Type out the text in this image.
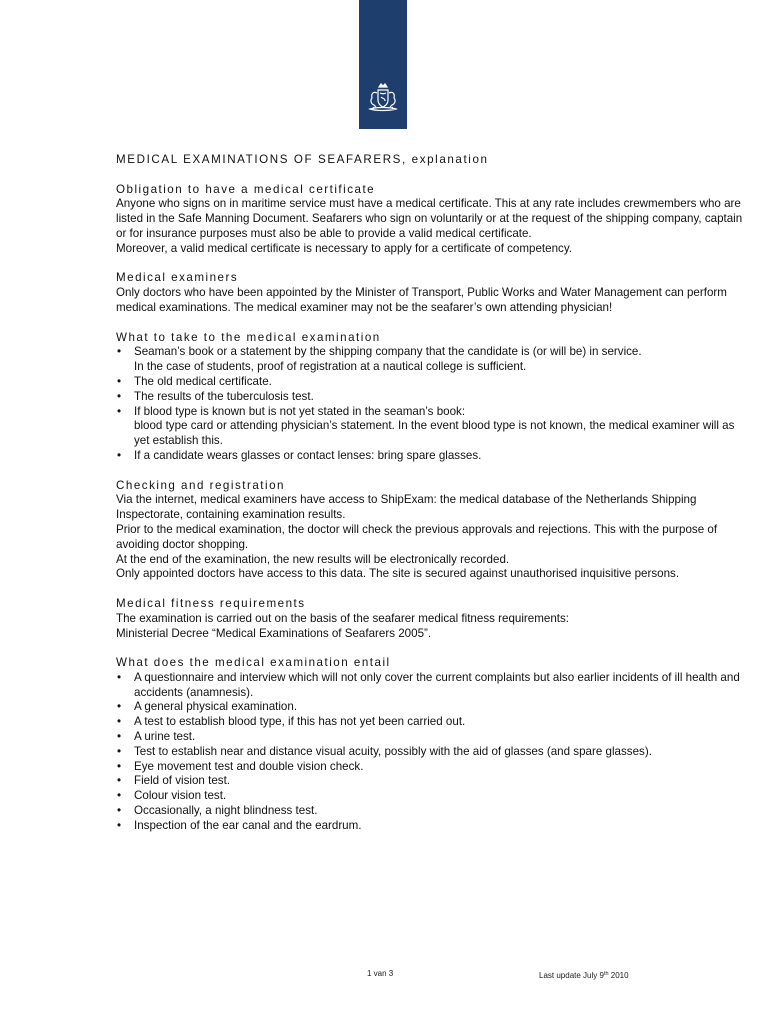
MEDICAL EXAMINATIONS OF SEAFARERS, explanation
Obligation to have a medical certificate

Anyone who signs on in maritime service must have a medical certificate. This at any rate includes crewmembers who are listed in the Safe Manning Document. Seafarers who sign on voluntarily or at the request of the shipping company, captain or for insurance purposes must also be able to provide a valid medical certificate.

Moreover, a valid medical certificate is necessary to apply for a certificate of competency.

Medical examiners

Only doctors who have been appointed by the Minister of Transport, Public Works and Water Management can perform medical examinations. The medical examiner may not be the seafarer’s own attending physician!

What to take to the medical examination
• Seaman’s book or a statement by the shipping company that the candidate is (or will be) in service.
In the case of students, proof of registration at a nautical college is sufficient.
• The old medical certificate.
• The results of the tuberculosis test.
• If blood type is known but is not yet stated in the seaman’s book:
blood type card or attending physician’s statement. In the event blood type is not known, the medical examiner will as yet establish this.
• If a candidate wears glasses or contact lenses: bring spare glasses.
Checking and registration

Via the internet, medical examiners have access to ShipExam: the medical database of the Netherlands Shipping Inspectorate, containing examination results.

Prior to the medical examination, the doctor will check the previous approvals and rejections. This with the purpose of avoiding doctor shopping.

At the end of the examination, the new results will be electronically recorded.

Only appointed doctors have access to this data. The site is secured against unauthorised inquisitive persons.

Medical fitness requirements

The examination is carried out on the basis of the seafarer medical fitness requirements:

Ministerial Decree “Medical Examinations of Seafarers 2005”.

What does the medical examination entail
• A questionnaire and interview which will not only cover the current complaints but also earlier incidents of ill health and accidents (anamnesis).
• A general physical examination.
• A test to establish blood type, if this has not yet been carried out.
• A urine test.
• Test to establish near and distance visual acuity, possibly with the aid of glasses (and spare glasses).
• Eye movement test and double vision check.
• Field of vision test.
• Colour vision test.
• Occasionally, a night blindness test.
• Inspection of the ear canal and the eardrum.
1 van 3	Last update July 9th 2010
